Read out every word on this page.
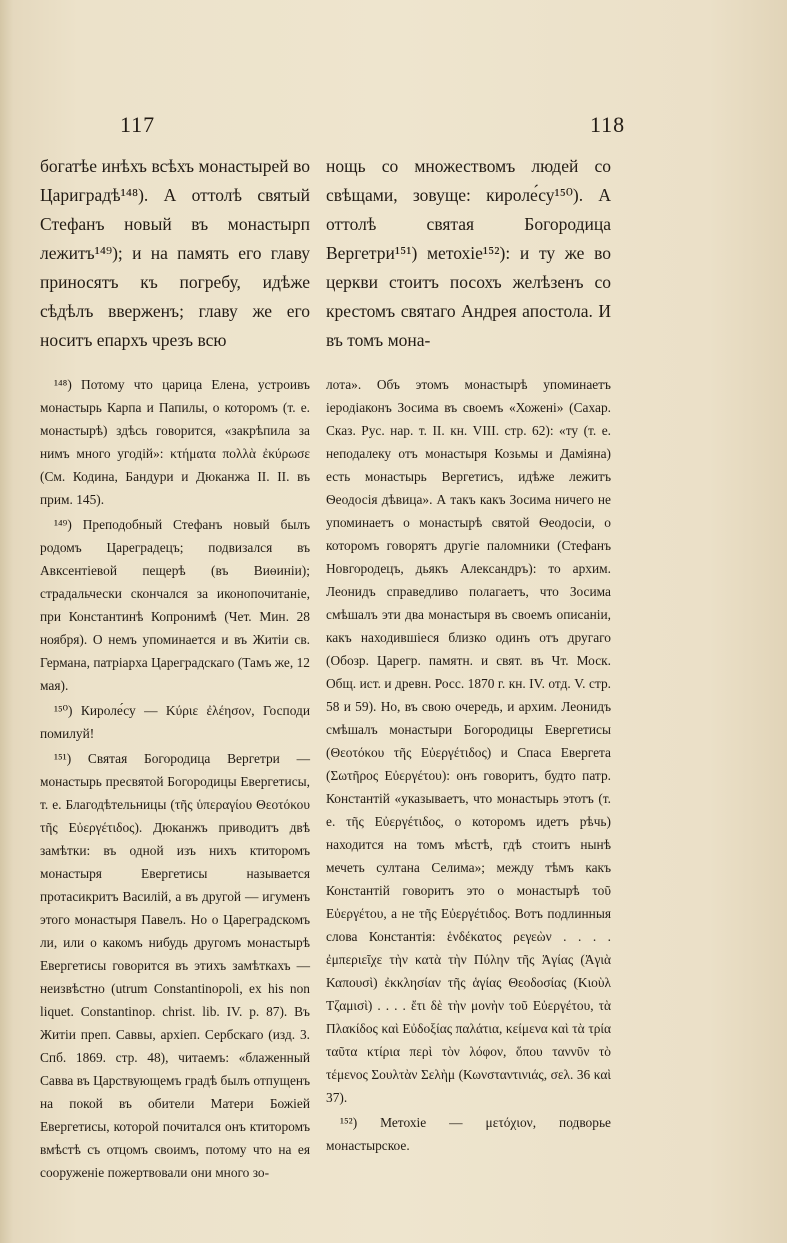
117	118

богатѣе инѣхъ всѣхъ монастырей во Цариградѣ¹⁴⁸). А оттолѣ святый Стефанъ новый въ монастырп лежитъ¹⁴⁹); и на память его главу приносятъ къ погребу, идѣже сѣдѣлъ вверженъ; главу же его носитъ епархъ чрезъ всю

¹⁴⁸) Потому что царица Елена, устроивъ монастырь Карпа и Папилы, о которомъ (т. е. монастырѣ) здѣсь говорится, «закрѣпила за нимъ много угодій»: κτήματα πολλὰ ἐκύρωσε (См. Кодина, Бандури и Дюканжа II. II. въ прим. 145).

¹⁴⁹) Преподобный Стефанъ новый былъ родомъ Цареградецъ; подвизался въ Авксентіевой пещерѣ (въ Виѳиніи); страдальчески скончался за иконопочитаніе, при Константинѣ Копронимѣ (Чет. Мин. 28 ноября). О немъ упоминается и въ Житіи св. Германа, патріарха Цареградскаго (Тамъ же, 12 мая).

¹⁵⁰) Кироле́су — Κύριε ἐλέησον, Господи помилуй!

¹⁵¹) Святая Богородица Вергетри — монастырь пресвятой Богородицы Евергетисы, т. е. Благодѣтельницы (τῆς ὑπεραγίου Θεοτόκου τῆς Εὐεργέτιδος). Дюканжъ приводитъ двѣ замѣтки: въ одной изъ нихъ ктиторомъ монастыря Евергетисы называется протасикритъ Василій, а въ другой — игуменъ этого монастыря Павелъ. Но о Цареградскомъ ли, или о какомъ нибудь другомъ монастырѣ Евергетисы говорится въ этихъ замѣткахъ — неизвѣстно (utrum Constantinopoli, ex his non liquet. Constantinop. christ. lib. IV. p. 87). Въ Житіи преп. Саввы, архіеп. Сербскаго (изд. 3. Спб. 1869. стр. 48), читаемъ: «блаженный Савва въ Царствующемъ градѣ былъ отпущенъ на покой въ обители Матери Божіей Евергетисы, которой почитался онъ ктиторомъ вмѣстѣ съ отцомъ своимъ, потому что на ея сооруженіе пожертвовали они много зо-

нощь со множествомъ людей со свѣщами, зовуще: кироле́су¹⁵⁰). А оттолѣ святая Богородица Вергетри¹⁵¹) метохіе¹⁵²): и ту же во церкви стоитъ посохъ желѣзенъ со крестомъ святаго Андрея апостола. И въ томъ мона-

лота». Объ этомъ монастырѣ упоминаетъ іеродіаконъ Зосима въ своемъ «Хожені» (Сахар. Сказ. Рус. нар. т. II. кн. VIII. стр. 62): «ту (т. е. неподалеку отъ монастыря Козьмы и Даміяна) есть монастырь Вергетисъ, идѣже лежитъ Ѳеодосія дѣвица». А такъ какъ Зосима ничего не упоминаетъ о монастырѣ святой Ѳеодосіи, о которомъ говорятъ другіе паломники (Стефанъ Новгородецъ, дьякъ Александръ): то архим. Леонидъ справедливо полагаетъ, что Зосима смѣшалъ эти два монастыря въ своемъ описаніи, какъ находившіеся близко одинъ отъ другаго (Обозр. Царегр. памятн. и свят. въ Чт. Моск. Общ. ист. и древн. Росс. 1870 г. кн. IV. отд. V. стр. 58 и 59). Но, въ свою очередь, и архим. Леонидъ смѣшалъ монастыри Богородицы Евергетисы (Θεοτόκου τῆς Εὐεργέτιδος) и Спаса Евергета (Σωτῆρος Εὐεργέτου): онъ говоритъ, будто патр. Константій «указываетъ, что монастырь этотъ (т. е. τῆς Εὐεργέτιδος, о которомъ идетъ рѣчь) находится на томъ мѣстѣ, гдѣ стоитъ нынѣ мечеть султана Селима»; между тѣмъ какъ Константій говоритъ это о монастырѣ τοῦ Εὐεργέτου, а не τῆς Εὐεργέτιδος. Вотъ подлинныя слова Константія: ἑνδέκατος ρεγεὼν . . . . ἐμπεριεῖχε τὴν κατὰ τὴν Πύλην τῆς Ἁγίας (Ἁγιὰ Καπουσὶ) ἐκκλησίαν τῆς ἁγίας Θεοδοσίας (Κιοὺλ Τζαμισὶ) . . . . ἔτι δὲ τὴν μονὴν τοῦ Εὐεργέτου, τὰ Πλακίδος καὶ Εὐδοξίας παλάτια, κείμενα καὶ τὰ τρία ταῦτα κτίρια περὶ τὸν λόφον, ὅπου ταννῦν τὸ τέμενος Σουλτὰν Σελὴμ (Κωνσταντινιάς, σελ. 36 καὶ 37).

¹⁵²) Метохіе — μετόχιον, подворье монастырское.
